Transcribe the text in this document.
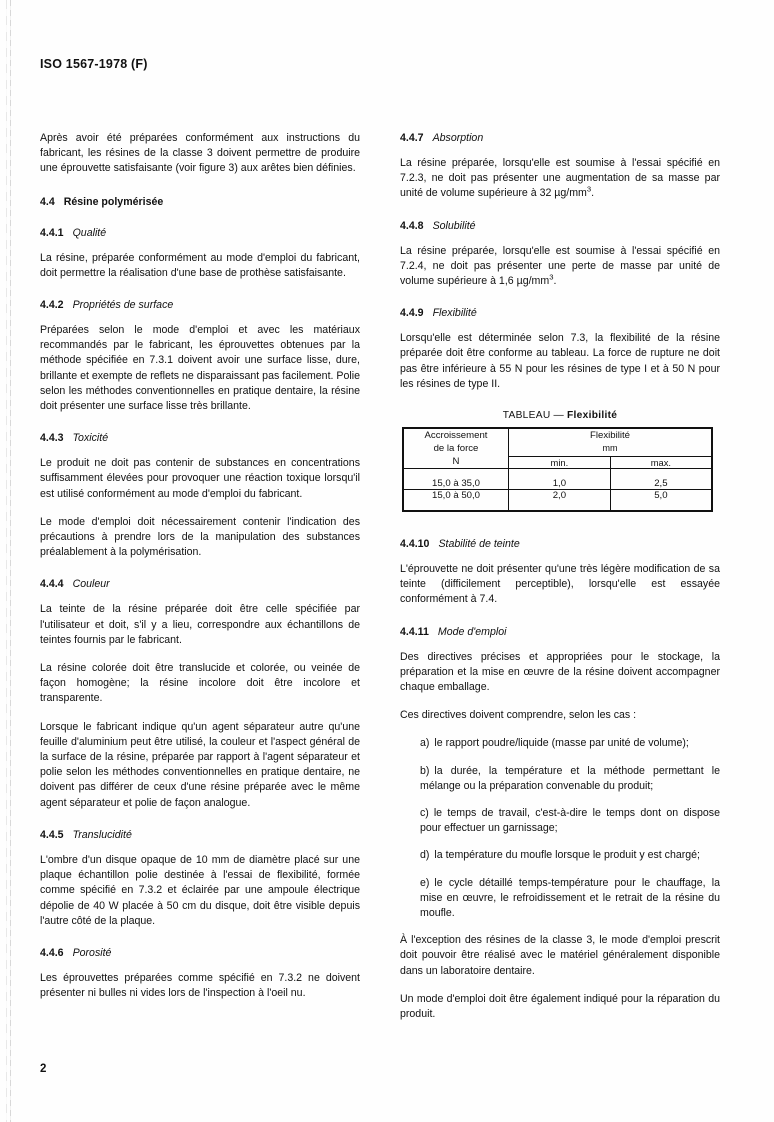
ISO 1567-1978 (F)

Après avoir été préparées conformément aux instructions du fabricant, les résines de la classe 3 doivent permettre de produire une éprouvette satisfaisante (voir figure 3) aux arêtes bien définies.

4.4 Résine polymérisée
4.4.1 Qualité

La résine, préparée conformément au mode d'emploi du fabricant, doit permettre la réalisation d'une base de prothèse satisfaisante.

4.4.2 Propriétés de surface

Préparées selon le mode d'emploi et avec les matériaux recommandés par le fabricant, les éprouvettes obtenues par la méthode spécifiée en 7.3.1 doivent avoir une surface lisse, dure, brillante et exempte de reflets ne disparaissant pas facilement. Polie selon les méthodes conventionnelles en pratique dentaire, la résine doit présenter une surface lisse très brillante.

4.4.3 Toxicité

Le produit ne doit pas contenir de substances en concentrations suffisamment élevées pour provoquer une réaction toxique lorsqu'il est utilisé conformément au mode d'emploi du fabricant.

Le mode d'emploi doit nécessairement contenir l'indication des précautions à prendre lors de la manipulation des substances préalablement à la polymérisation.

4.4.4 Couleur

La teinte de la résine préparée doit être celle spécifiée par l'utilisateur et doit, s'il y a lieu, correspondre aux échantillons de teintes fournis par le fabricant.

La résine colorée doit être translucide et colorée, ou veinée de façon homogène; la résine incolore doit être incolore et transparente.

Lorsque le fabricant indique qu'un agent séparateur autre qu'une feuille d'aluminium peut être utilisé, la couleur et l'aspect général de la surface de la résine, préparée par rapport à l'agent séparateur et polie selon les méthodes conventionnelles en pratique dentaire, ne doivent pas différer de ceux d'une résine préparée avec le même agent séparateur et polie de façon analogue.

4.4.5 Translucidité

L'ombre d'un disque opaque de 10 mm de diamètre placé sur une plaque échantillon polie destinée à l'essai de flexibilité, formée comme spécifié en 7.3.2 et éclairée par une ampoule électrique dépolie de 40 W placée à 50 cm du disque, doit être visible depuis l'autre côté de la plaque.

4.4.6 Porosité

Les éprouvettes préparées comme spécifié en 7.3.2 ne doivent présenter ni bulles ni vides lors de l'inspection à l'oeil nu.

4.4.7 Absorption

La résine préparée, lorsqu'elle est soumise à l'essai spécifié en 7.2.3, ne doit pas présenter une augmentation de sa masse par unité de volume supérieure à 32 $\mu g/mm^3$.

4.4.8 Solubilité

La résine préparée, lorsqu'elle est soumise à l'essai spécifié en 7.2.4, ne doit pas présenter une perte de masse par unité de volume supérieure à 1,6 $\mu g/mm^3$.

4.4.9 Flexibilité

Lorsqu'elle est déterminée selon 7.3, la flexibilité de la résine préparée doit être conforme au tableau. La force de rupture ne doit pas être inférieure à 55 N pour les résines de type I et à 50 N pour les résines de type II.

TABLEAU — Flexibilité
Accroissement
de la force
N
	Flexibilité
mm

	min.	max.
15,0 à 35,0	1,0	2,5
15,0 à 50,0	2,0	5,0
4.4.10 Stabilité de teinte

L'éprouvette ne doit présenter qu'une très légère modification de sa teinte (difficilement perceptible), lorsqu'elle est essayée conformément à 7.4.

4.4.11 Mode d'emploi

Des directives précises et appropriées pour le stockage, la préparation et la mise en œuvre de la résine doivent accompagner chaque emballage.

Ces directives doivent comprendre, selon les cas :

a) le rapport poudre/liquide (masse par unité de volume);

b) la durée, la température et la méthode permettant le mélange ou la préparation convenable du produit;

c) le temps de travail, c'est-à-dire le temps dont on dispose pour effectuer un garnissage;

d) la température du moufle lorsque le produit y est chargé;

e) le cycle détaillé temps-température pour le chauffage, la mise en œuvre, le refroidissement et le retrait de la résine du moufle.

À l'exception des résines de la classe 3, le mode d'emploi prescrit doit pouvoir être réalisé avec le matériel généralement disponible dans un laboratoire dentaire.

Un mode d'emploi doit être également indiqué pour la réparation du produit.

2
